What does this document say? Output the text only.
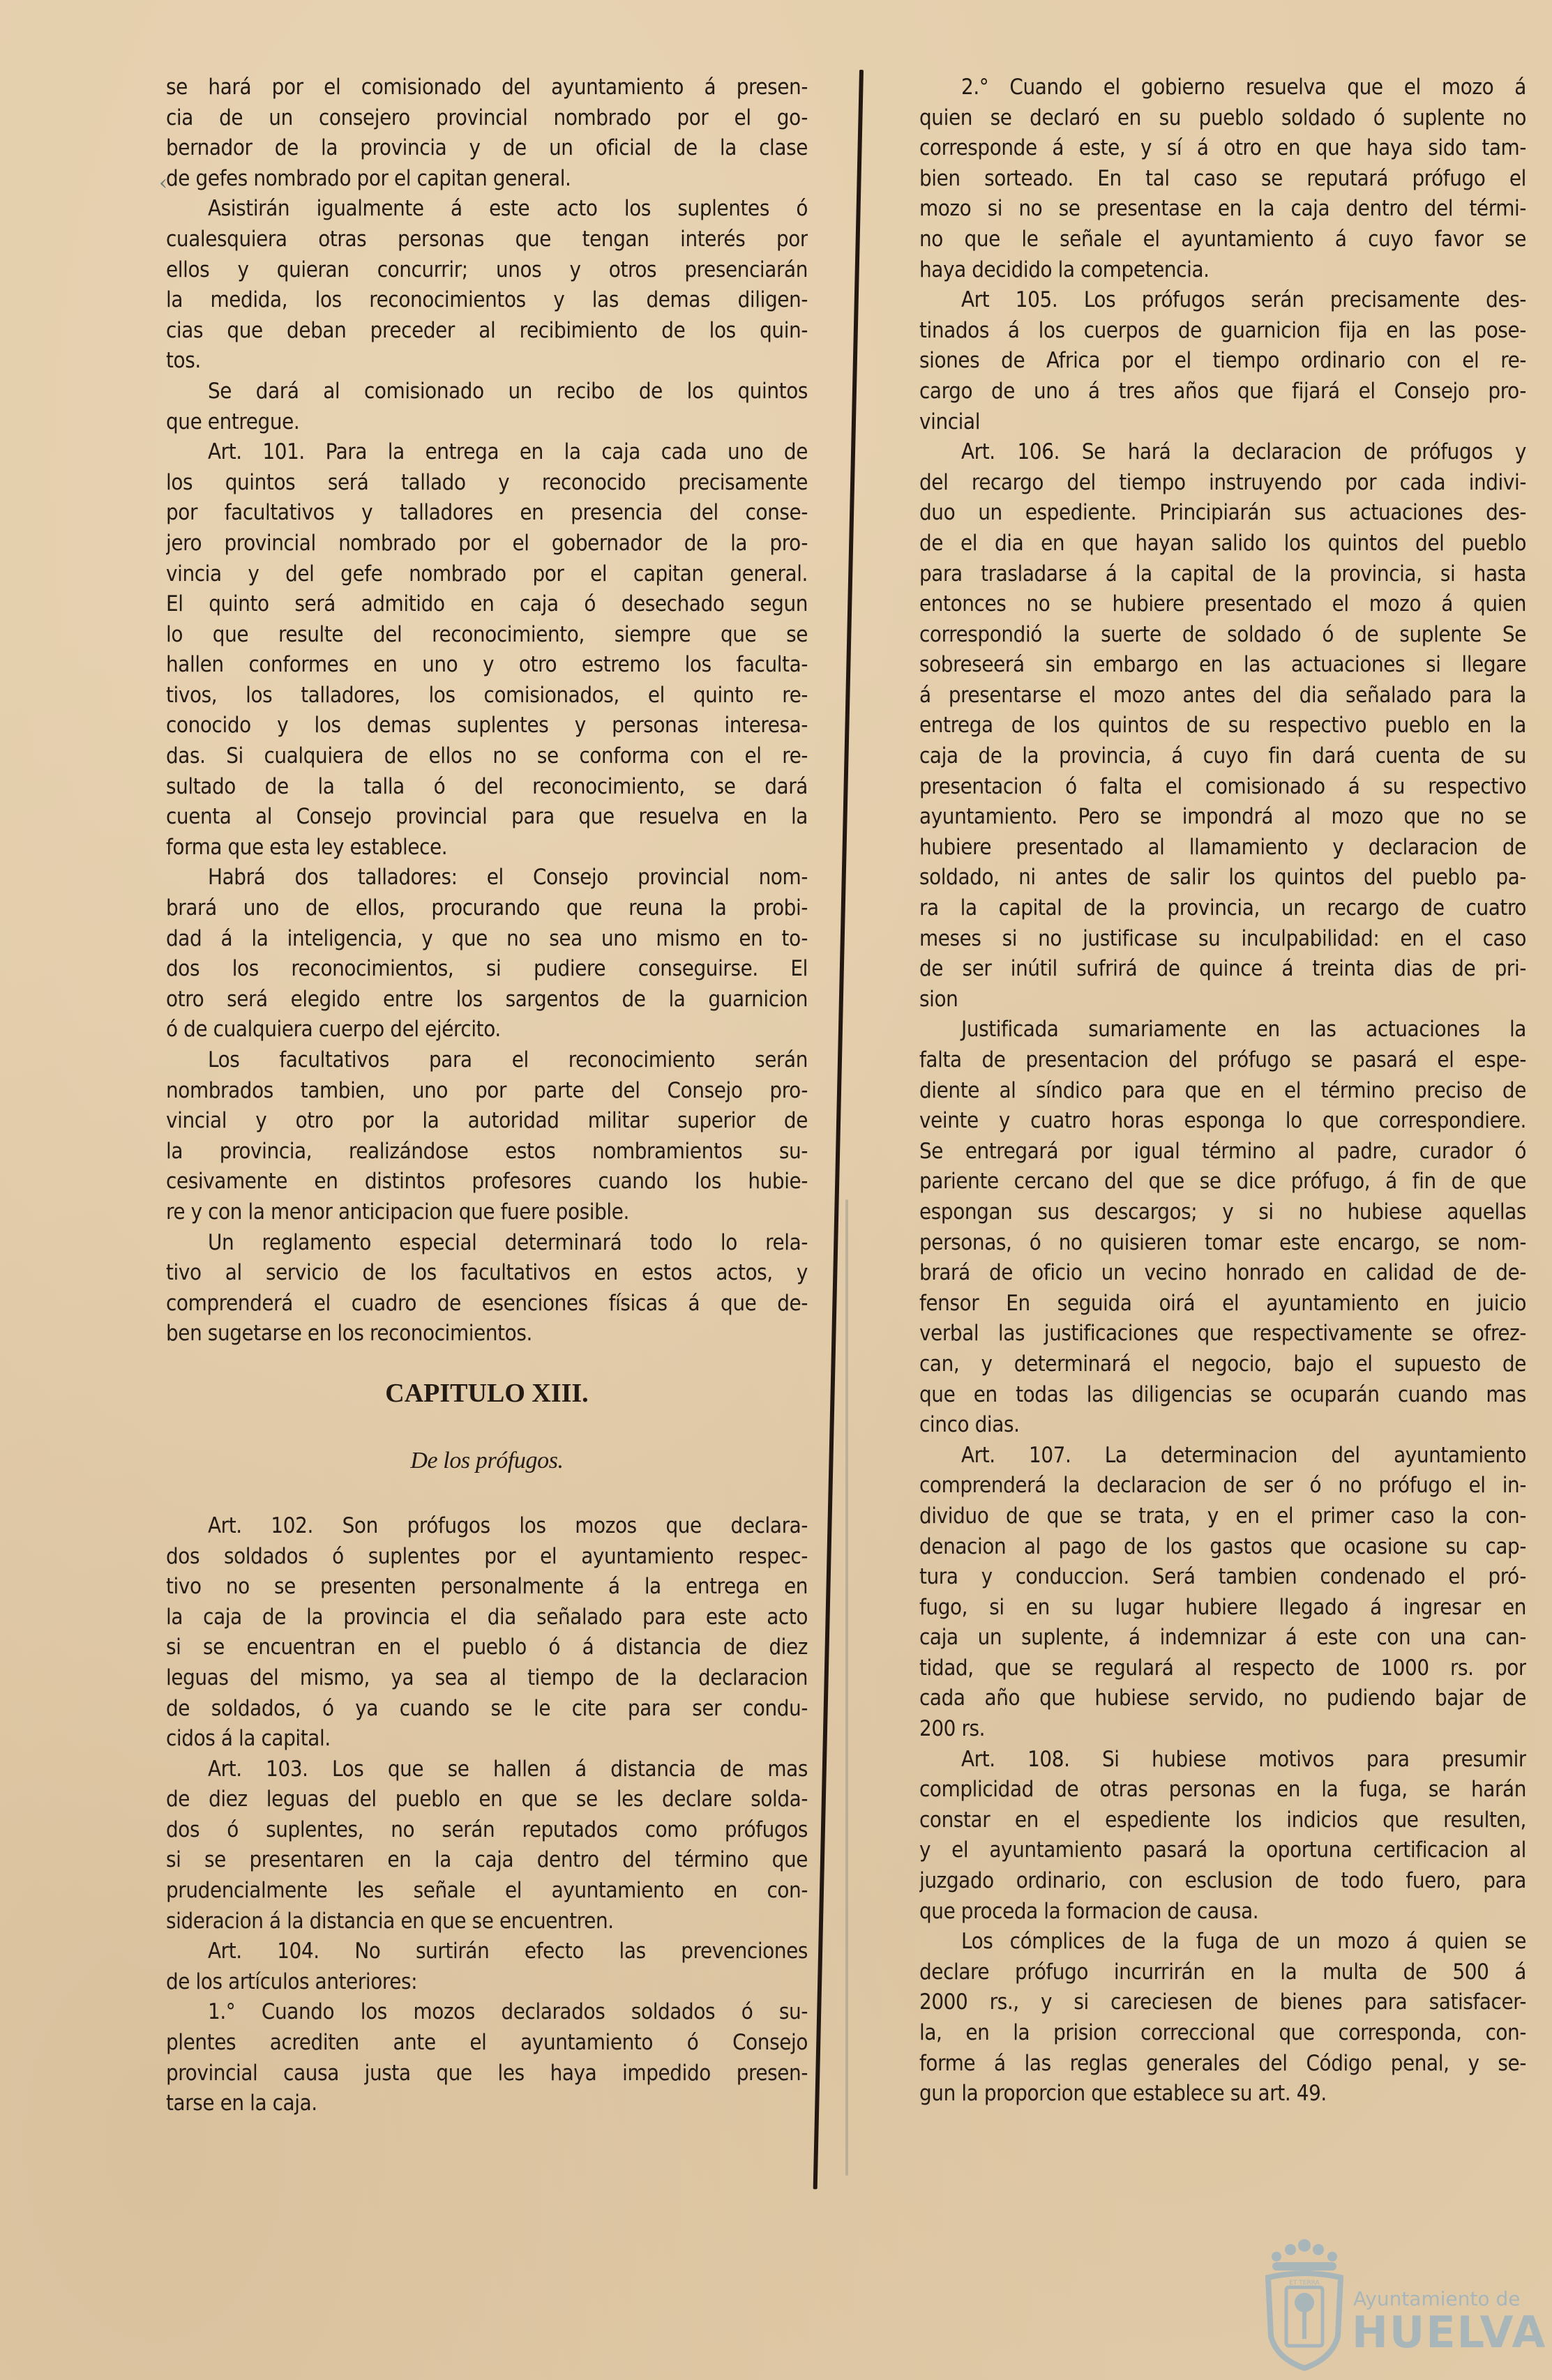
‹
se hará por el comisionado del ayuntamiento á presen-
cia de un consejero provincial nombrado por el go-
bernador de la provincia y de un oficial de la clase
de gefes nombrado por el capitan general.
Asistirán igualmente á este acto los suplentes ó
cualesquiera otras personas que tengan interés por
ellos y quieran concurrir; unos y otros presenciarán
la medida, los reconocimientos y las demas diligen-
cias que deban preceder al recibimiento de los quin-
tos.
Se dará al comisionado un recibo de los quintos
que entregue.
Art. 101. Para la entrega en la caja cada uno de
los quintos será tallado y reconocido precisamente
por facultativos y talladores en presencia del conse-
jero provincial nombrado por el gobernador de la pro-
vincia y del gefe nombrado por el capitan general.
El quinto será admitido en caja ó desechado segun
lo que resulte del reconocimiento, siempre que se
hallen conformes en uno y otro estremo los faculta-
tivos, los talladores, los comisionados, el quinto re-
conocido y los demas suplentes y personas interesa-
das. Si cualquiera de ellos no se conforma con el re-
sultado de la talla ó del reconocimiento, se dará
cuenta al Consejo provincial para que resuelva en la
forma que esta ley establece.
Habrá dos talladores: el Consejo provincial nom-
brará uno de ellos, procurando que reuna la probi-
dad á la inteligencia, y que no sea uno mismo en to-
dos los reconocimientos, si pudiere conseguirse. El
otro será elegido entre los sargentos de la guarnicion
ó de cualquiera cuerpo del ejército.
Los facultativos para el reconocimiento serán
nombrados tambien, uno por parte del Consejo pro-
vincial y otro por la autoridad militar superior de
la provincia, realizándose estos nombramientos su-
cesivamente en distintos profesores cuando los hubie-
re y con la menor anticipacion que fuere posible.
Un reglamento especial determinará todo lo rela-
tivo al servicio de los facultativos en estos actos, y
comprenderá el cuadro de esenciones físicas á que de-
ben sugetarse en los reconocimientos.
CAPITULO XIII.
De los prófugos.
Art. 102. Son prófugos los mozos que declara-
dos soldados ó suplentes por el ayuntamiento respec-
tivo no se presenten personalmente á la entrega en
la caja de la provincia el dia señalado para este acto
si se encuentran en el pueblo ó á distancia de diez
leguas del mismo, ya sea al tiempo de la declaracion
de soldados, ó ya cuando se le cite para ser condu-
cidos á la capital.
Art. 103. Los que se hallen á distancia de mas
de diez leguas del pueblo en que se les declare solda-
dos ó suplentes, no serán reputados como prófugos
si se presentaren en la caja dentro del término que
prudencialmente les señale el ayuntamiento en con-
sideracion á la distancia en que se encuentren.
Art. 104. No surtirán efecto las prevenciones
de los artículos anteriores:
1.° Cuando los mozos declarados soldados ó su-
plentes acrediten ante el ayuntamiento ó Consejo
provincial causa justa que les haya impedido presen-
tarse en la caja.
2.° Cuando el gobierno resuelva que el mozo á
quien se declaró en su pueblo soldado ó suplente no
corresponde á este, y sí á otro en que haya sido tam-
bien sorteado. En tal caso se reputará prófugo el
mozo si no se presentase en la caja dentro del térmi-
no que le señale el ayuntamiento á cuyo favor se
haya decidido la competencia.
Art 105. Los prófugos serán precisamente des-
tinados á los cuerpos de guarnicion fija en las pose-
siones de Africa por el tiempo ordinario con el re-
cargo de uno á tres años que fijará el Consejo pro-
vincial
Art. 106. Se hará la declaracion de prófugos y
del recargo del tiempo instruyendo por cada indivi-
duo un espediente. Principiarán sus actuaciones des-
de el dia en que hayan salido los quintos del pueblo
para trasladarse á la capital de la provincia, si hasta
entonces no se hubiere presentado el mozo á quien
correspondió la suerte de soldado ó de suplente Se
sobreseerá sin embargo en las actuaciones si llegare
á presentarse el mozo antes del dia señalado para la
entrega de los quintos de su respectivo pueblo en la
caja de la provincia, á cuyo fin dará cuenta de su
presentacion ó falta el comisionado á su respectivo
ayuntamiento. Pero se impondrá al mozo que no se
hubiere presentado al llamamiento y declaracion de
soldado, ni antes de salir los quintos del pueblo pa-
ra la capital de la provincia, un recargo de cuatro
meses si no justificase su inculpabilidad: en el caso
de ser inútil sufrirá de quince á treinta dias de pri-
sion
Justificada sumariamente en las actuaciones la
falta de presentacion del prófugo se pasará el espe-
diente al síndico para que en el término preciso de
veinte y cuatro horas esponga lo que correspondiere.
Se entregará por igual término al padre, curador ó
pariente cercano del que se dice prófugo, á fin de que
espongan sus descargos; y si no hubiese aquellas
personas, ó no quisieren tomar este encargo, se nom-
brará de oficio un vecino honrado en calidad de de-
fensor En seguida oirá el ayuntamiento en juicio
verbal las justificaciones que respectivamente se ofrez-
can, y determinará el negocio, bajo el supuesto de
que en todas las diligencias se ocuparán cuando mas
cinco dias.
Art. 107. La determinacion del ayuntamiento
comprenderá la declaracion de ser ó no prófugo el in-
dividuo de que se trata, y en el primer caso la con-
denacion al pago de los gastos que ocasione su cap-
tura y conduccion. Será tambien condenado el pró-
fugo, si en su lugar hubiere llegado á ingresar en
caja un suplente, á indemnizar á este con una can-
tidad, que se regulará al respecto de 1000 rs. por
cada año que hubiese servido, no pudiendo bajar de
200 rs.
Art. 108. Si hubiese motivos para presumir
complicidad de otras personas en la fuga, se harán
constar en el espediente los indicios que resulten,
y el ayuntamiento pasará la oportuna certificacion al
juzgado ordinario, con esclusion de todo fuero, para
que proceda la formacion de causa.
Los cómplices de la fuga de un mozo á quien se
declare prófugo incurrirán en la multa de 500 á
2000 rs., y si careciesen de bienes para satisfacer-
la, en la prision correccional que corresponda, con-
forme á las reglas generales del Código penal, y se-
gun la proporcion que establece su art. 49.
ET TERRA
Ayuntamiento de
HUELVA
